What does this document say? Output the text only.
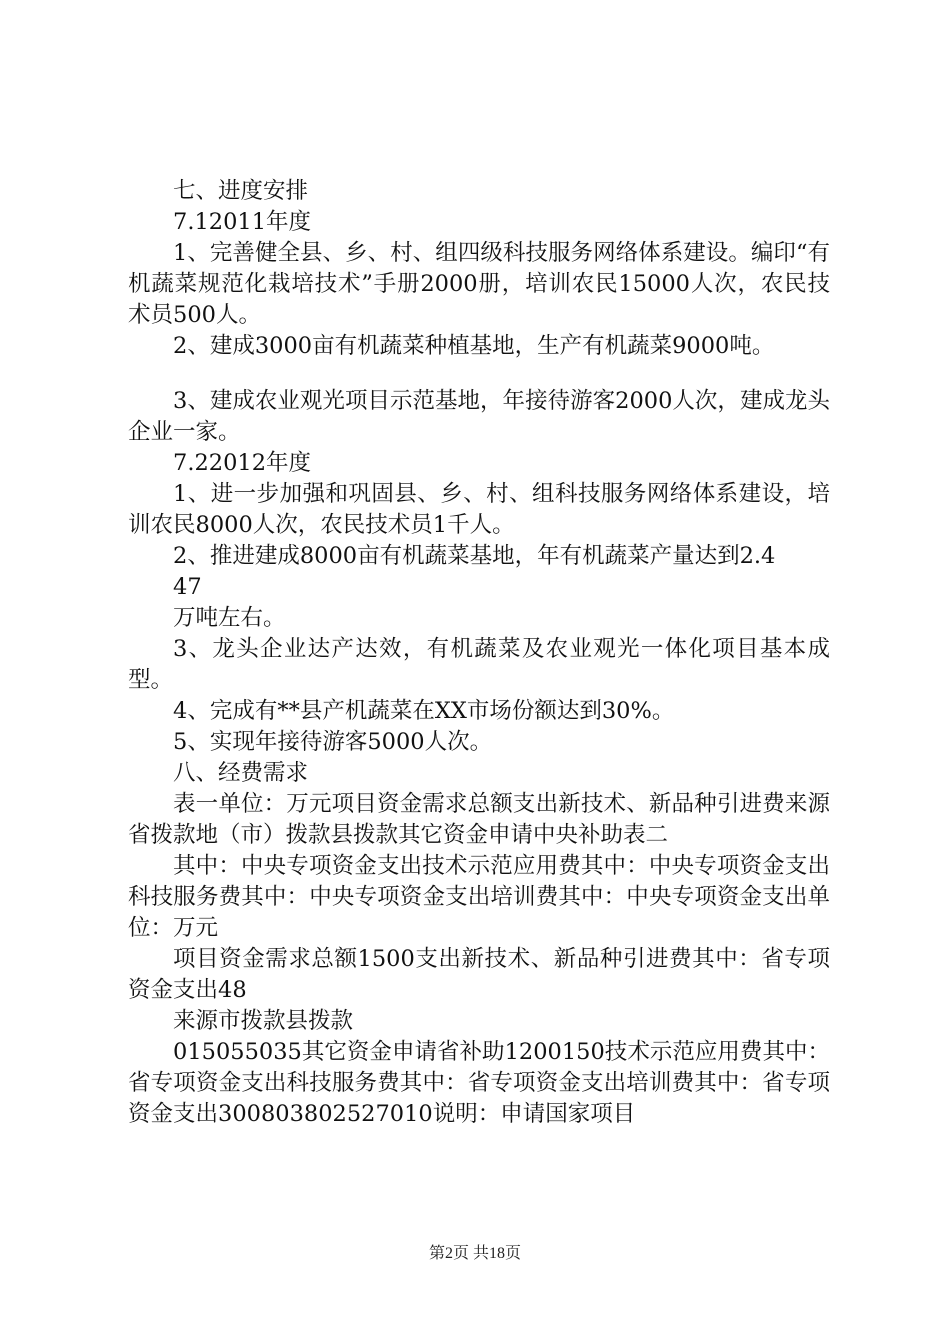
七、进度安排

7.12011年度

1、完善健全县、乡、村、组四级科技服务网络体系建设。编印“有机蔬菜规范化栽培技术”手册2000册，培训农民15000人次，农民技术员500人。

2、建成3000亩有机蔬菜种植基地，生产有机蔬菜9000吨。

3、建成农业观光项目示范基地，年接待游客2000人次，建成龙头企业一家。

7.22012年度

1、进一步加强和巩固县、乡、村、组科技服务网络体系建设，培训农民8000人次，农民技术员1千人。

2、推进建成8000亩有机蔬菜基地，年有机蔬菜产量达到2.4

47

万吨左右。

3、龙头企业达产达效，有机蔬菜及农业观光一体化项目基本成型。

4、完成有**县产机蔬菜在XX市场份额达到30%。

5、实现年接待游客5000人次。

八、经费需求

表一单位：万元项目资金需求总额支出新技术、新品种引进费来源省拨款地（市）拨款县拨款其它资金申请中央补助表二

其中：中央专项资金支出技术示范应用费其中：中央专项资金支出科技服务费其中：中央专项资金支出培训费其中：中央专项资金支出单位：万元

项目资金需求总额1500支出新技术、新品种引进费其中：省专项资金支出48

来源市拨款县拨款

015055035其它资金申请省补助1200150技术示范应用费其中：省专项资金支出科技服务费其中：省专项资金支出培训费其中：省专项资金支出300803802527010说明：申请国家项目

第2页 共18页
